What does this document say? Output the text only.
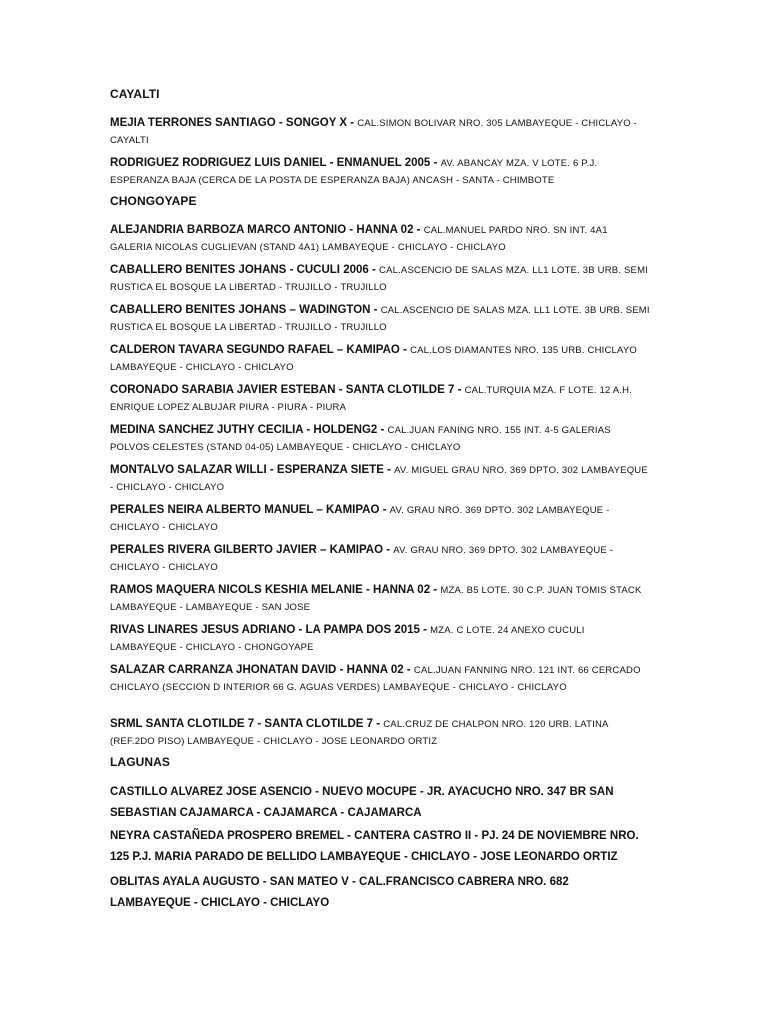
CAYALTI
MEJIA TERRONES SANTIAGO - SONGOY X - CAL.SIMON BOLIVAR NRO. 305 LAMBAYEQUE - CHICLAYO - CAYALTI
RODRIGUEZ RODRIGUEZ LUIS DANIEL - ENMANUEL 2005 - AV. ABANCAY MZA. V LOTE. 6 P.J. ESPERANZA BAJA (CERCA DE LA POSTA DE ESPERANZA BAJA) ANCASH - SANTA - CHIMBOTE
CHONGOYAPE
ALEJANDRIA BARBOZA MARCO ANTONIO - HANNA 02 - CAL.MANUEL PARDO NRO. SN INT. 4A1 GALERIA NICOLAS CUGLIEVAN (STAND 4A1) LAMBAYEQUE - CHICLAYO - CHICLAYO
CABALLERO BENITES JOHANS - CUCULI 2006 - CAL.ASCENCIO DE SALAS MZA. LL1 LOTE. 3B URB. SEMI RUSTICA EL BOSQUE LA LIBERTAD - TRUJILLO - TRUJILLO
CABALLERO BENITES JOHANS – WADINGTON - CAL.ASCENCIO DE SALAS MZA. LL1 LOTE. 3B URB. SEMI RUSTICA EL BOSQUE LA LIBERTAD - TRUJILLO - TRUJILLO
CALDERON TAVARA SEGUNDO RAFAEL – KAMIPAO - CAL.LOS DIAMANTES NRO. 135 URB. CHICLAYO LAMBAYEQUE - CHICLAYO - CHICLAYO
CORONADO SARABIA JAVIER ESTEBAN - SANTA CLOTILDE 7 - CAL.TURQUIA MZA. F LOTE. 12 A.H. ENRIQUE LOPEZ ALBUJAR PIURA - PIURA - PIURA
MEDINA SANCHEZ JUTHY CECILIA - HOLDENG2 - CAL.JUAN FANING NRO. 155 INT. 4-5 GALERIAS POLVOS CELESTES (STAND 04-05) LAMBAYEQUE - CHICLAYO - CHICLAYO
MONTALVO SALAZAR WILLI - ESPERANZA SIETE - AV. MIGUEL GRAU NRO. 369 DPTO. 302 LAMBAYEQUE - CHICLAYO - CHICLAYO
PERALES NEIRA ALBERTO MANUEL – KAMIPAO - AV. GRAU NRO. 369 DPTO. 302 LAMBAYEQUE - CHICLAYO - CHICLAYO
PERALES RIVERA GILBERTO JAVIER – KAMIPAO - AV. GRAU NRO. 369 DPTO. 302 LAMBAYEQUE - CHICLAYO - CHICLAYO
RAMOS MAQUERA NICOLS KESHIA MELANIE - HANNA 02 - MZA. B5 LOTE. 30 C.P. JUAN TOMIS STACK LAMBAYEQUE - LAMBAYEQUE - SAN JOSE
RIVAS LINARES JESUS ADRIANO - LA PAMPA DOS 2015 - MZA. C LOTE. 24 ANEXO CUCULI LAMBAYEQUE - CHICLAYO - CHONGOYAPE
SALAZAR CARRANZA JHONATAN DAVID - HANNA 02 - CAL.JUAN FANNING NRO. 121 INT. 66 CERCADO CHICLAYO (SECCION D INTERIOR 66 G. AGUAS VERDES) LAMBAYEQUE - CHICLAYO - CHICLAYO
SRML SANTA CLOTILDE 7 - SANTA CLOTILDE 7 - CAL.CRUZ DE CHALPON NRO. 120 URB. LATINA (REF.2DO PISO) LAMBAYEQUE - CHICLAYO - JOSE LEONARDO ORTIZ
LAGUNAS
CASTILLO ALVAREZ JOSE ASENCIO - NUEVO MOCUPE - JR. AYACUCHO NRO. 347 BR SAN SEBASTIAN CAJAMARCA - CAJAMARCA - CAJAMARCA
NEYRA CASTAÑEDA PROSPERO BREMEL - CANTERA CASTRO II - PJ. 24 DE NOVIEMBRE NRO. 125 P.J. MARIA PARADO DE BELLIDO LAMBAYEQUE - CHICLAYO - JOSE LEONARDO ORTIZ
OBLITAS AYALA AUGUSTO - SAN MATEO V - CAL.FRANCISCO CABRERA NRO. 682 LAMBAYEQUE - CHICLAYO - CHICLAYO
